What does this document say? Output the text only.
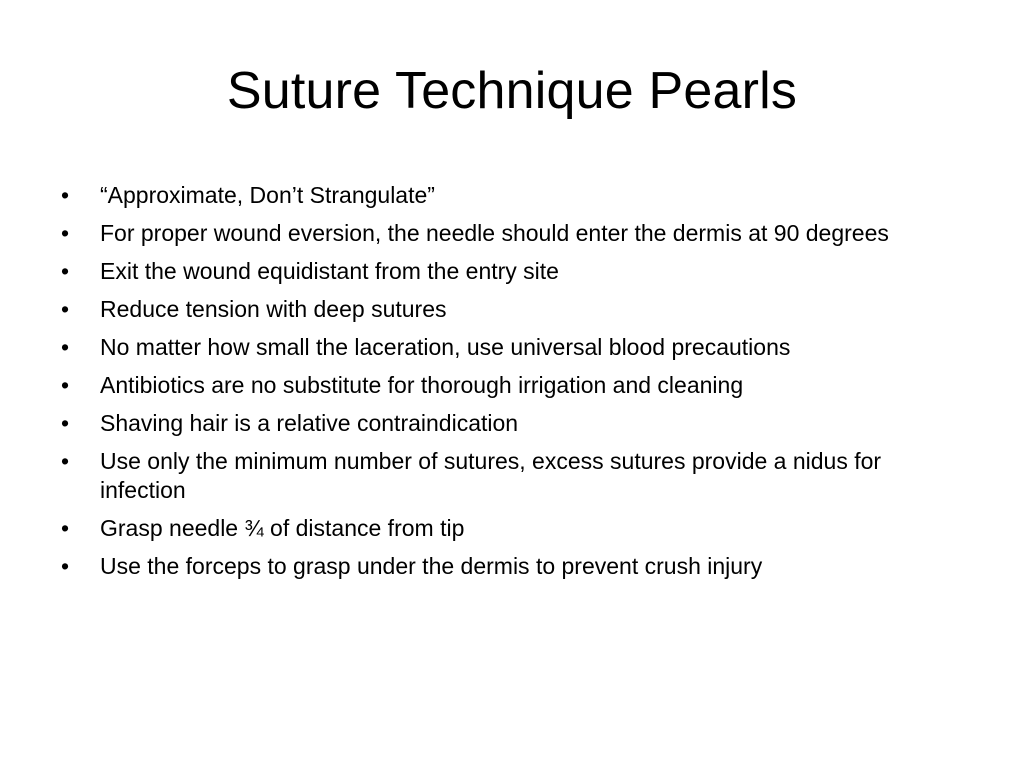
Suture Technique Pearls
•	“Approximate, Don’t Strangulate”
•	For proper wound eversion, the needle should enter the dermis at 90 degrees
•	Exit the wound equidistant from the entry site
•	Reduce tension with deep sutures
•	No matter how small the laceration, use universal blood precautions
•	Antibiotics are no substitute for thorough irrigation and cleaning
•	Shaving hair is a relative contraindication
•	Use only the minimum number of sutures, excess sutures provide a nidus for infection
•	Grasp needle ¾ of distance from tip
•	Use the forceps to grasp under the dermis to prevent crush injury
